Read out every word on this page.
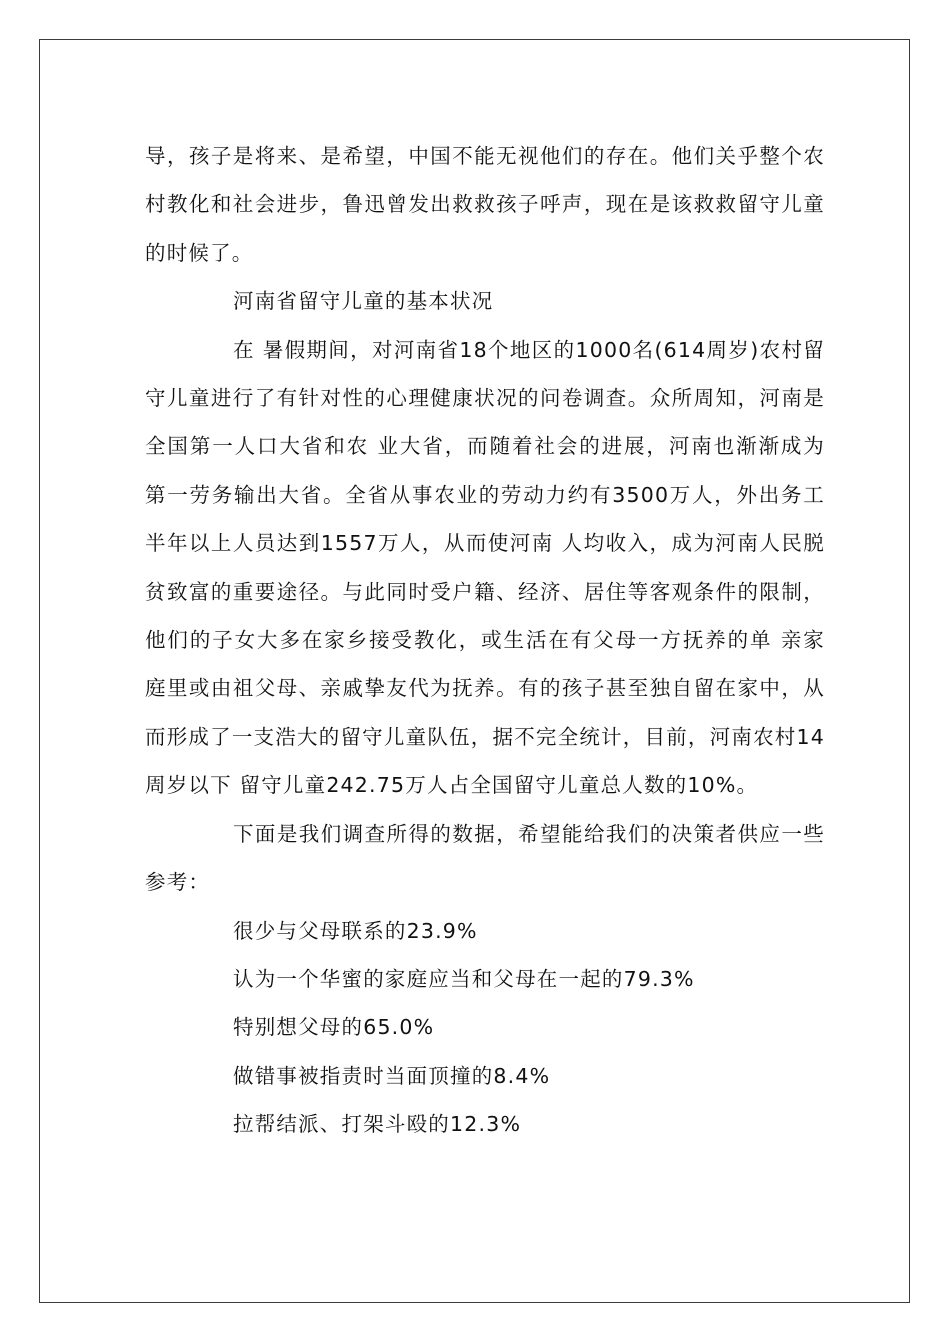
导，孩子是将来、是希望，中国不能无视他们的存在。他们关乎整个农村教化和社会进步，鲁迅曾发出救救孩子呼声，现在是该救救留守儿童的时候了。

河南省留守儿童的基本状况

在 暑假期间，对河南省18个地区的1000名(614周岁)农村留守儿童进行了有针对性的心理健康状况的问卷调查。众所周知，河南是全国第一人口大省和农 业大省，而随着社会的进展，河南也渐渐成为第一劳务输出大省。全省从事农业的劳动力约有3500万人，外出务工半年以上人员达到1557万人，从而使河南 人均收入，成为河南人民脱贫致富的重要途径。与此同时受户籍、经济、居住等客观条件的限制，他们的子女大多在家乡接受教化，或生活在有父母一方抚养的单 亲家庭里或由祖父母、亲戚挚友代为抚养。有的孩子甚至独自留在家中，从而形成了一支浩大的留守儿童队伍，据不完全统计，目前，河南农村14周岁以下 留守儿童242.75万人占全国留守儿童总人数的10%。

下面是我们调查所得的数据，希望能给我们的决策者供应一些参考：

很少与父母联系的23.9%

认为一个华蜜的家庭应当和父母在一起的79.3%

特别想父母的65.0%

做错事被指责时当面顶撞的8.4%

拉帮结派、打架斗殴的12.3%
